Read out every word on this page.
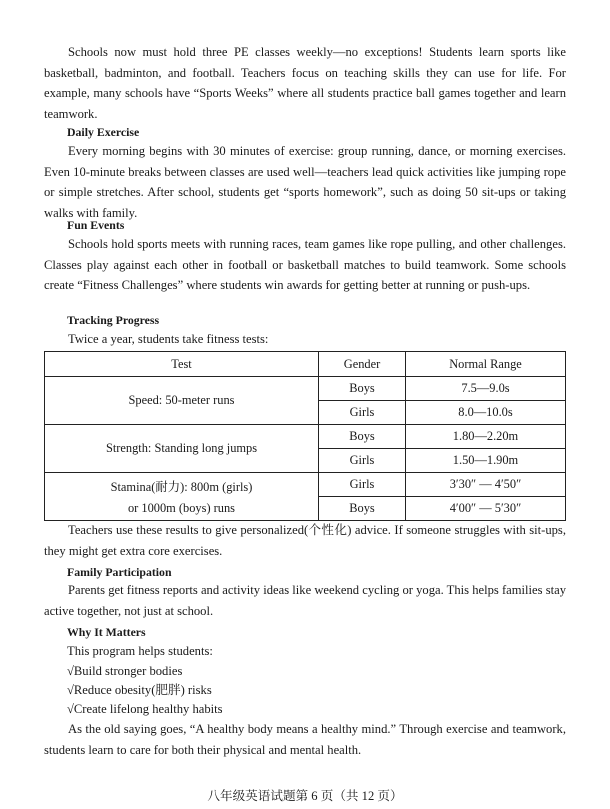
Schools now must hold three PE classes weekly—no exceptions! Students learn sports like basketball, badminton, and football. Teachers focus on teaching skills they can use for life. For example, many schools have “Sports Weeks” where all students practice ball games together and learn teamwork.

Daily Exercise

Every morning begins with 30 minutes of exercise: group running, dance, or morning exercises. Even 10-minute breaks between classes are used well—teachers lead quick activities like jumping rope or simple stretches. After school, students get “sports homework”, such as doing 50 sit-ups or taking walks with family.

Fun Events

Schools hold sports meets with running races, team games like rope pulling, and other challenges. Classes play against each other in football or basketball matches to build teamwork. Some schools create “Fitness Challenges” where students win awards for getting better at running or push-ups.

Tracking Progress

Twice a year, students take fitness tests:

Test	Gender	Normal Range
Speed: 50-meter runs	Boys	7.5—9.0s
	Girls	8.0—10.0s
Strength: Standing long jumps	Boys	1.80—2.20m
	Girls	1.50—1.90m

Stamina(耐力): 800m (girls)
or 1000m (boys) runs	Girls	3′30″ — 4′50″
	Boys	4′00″ — 5′30″

Teachers use these results to give personalized(个性化) advice. If someone struggles with sit-ups, they might get extra core exercises.

Family Participation

Parents get fitness reports and activity ideas like weekend cycling or yoga. This helps families stay active together, not just at school.

Why It Matters

This program helps students:

√Build stronger bodies

√Reduce obesity(肥胖) risks

√Create lifelong healthy habits

As the old saying goes, “A healthy body means a healthy mind.” Through exercise and teamwork, students learn to care for both their physical and mental health.

八年级英语试题第 6 页（共 12 页）
